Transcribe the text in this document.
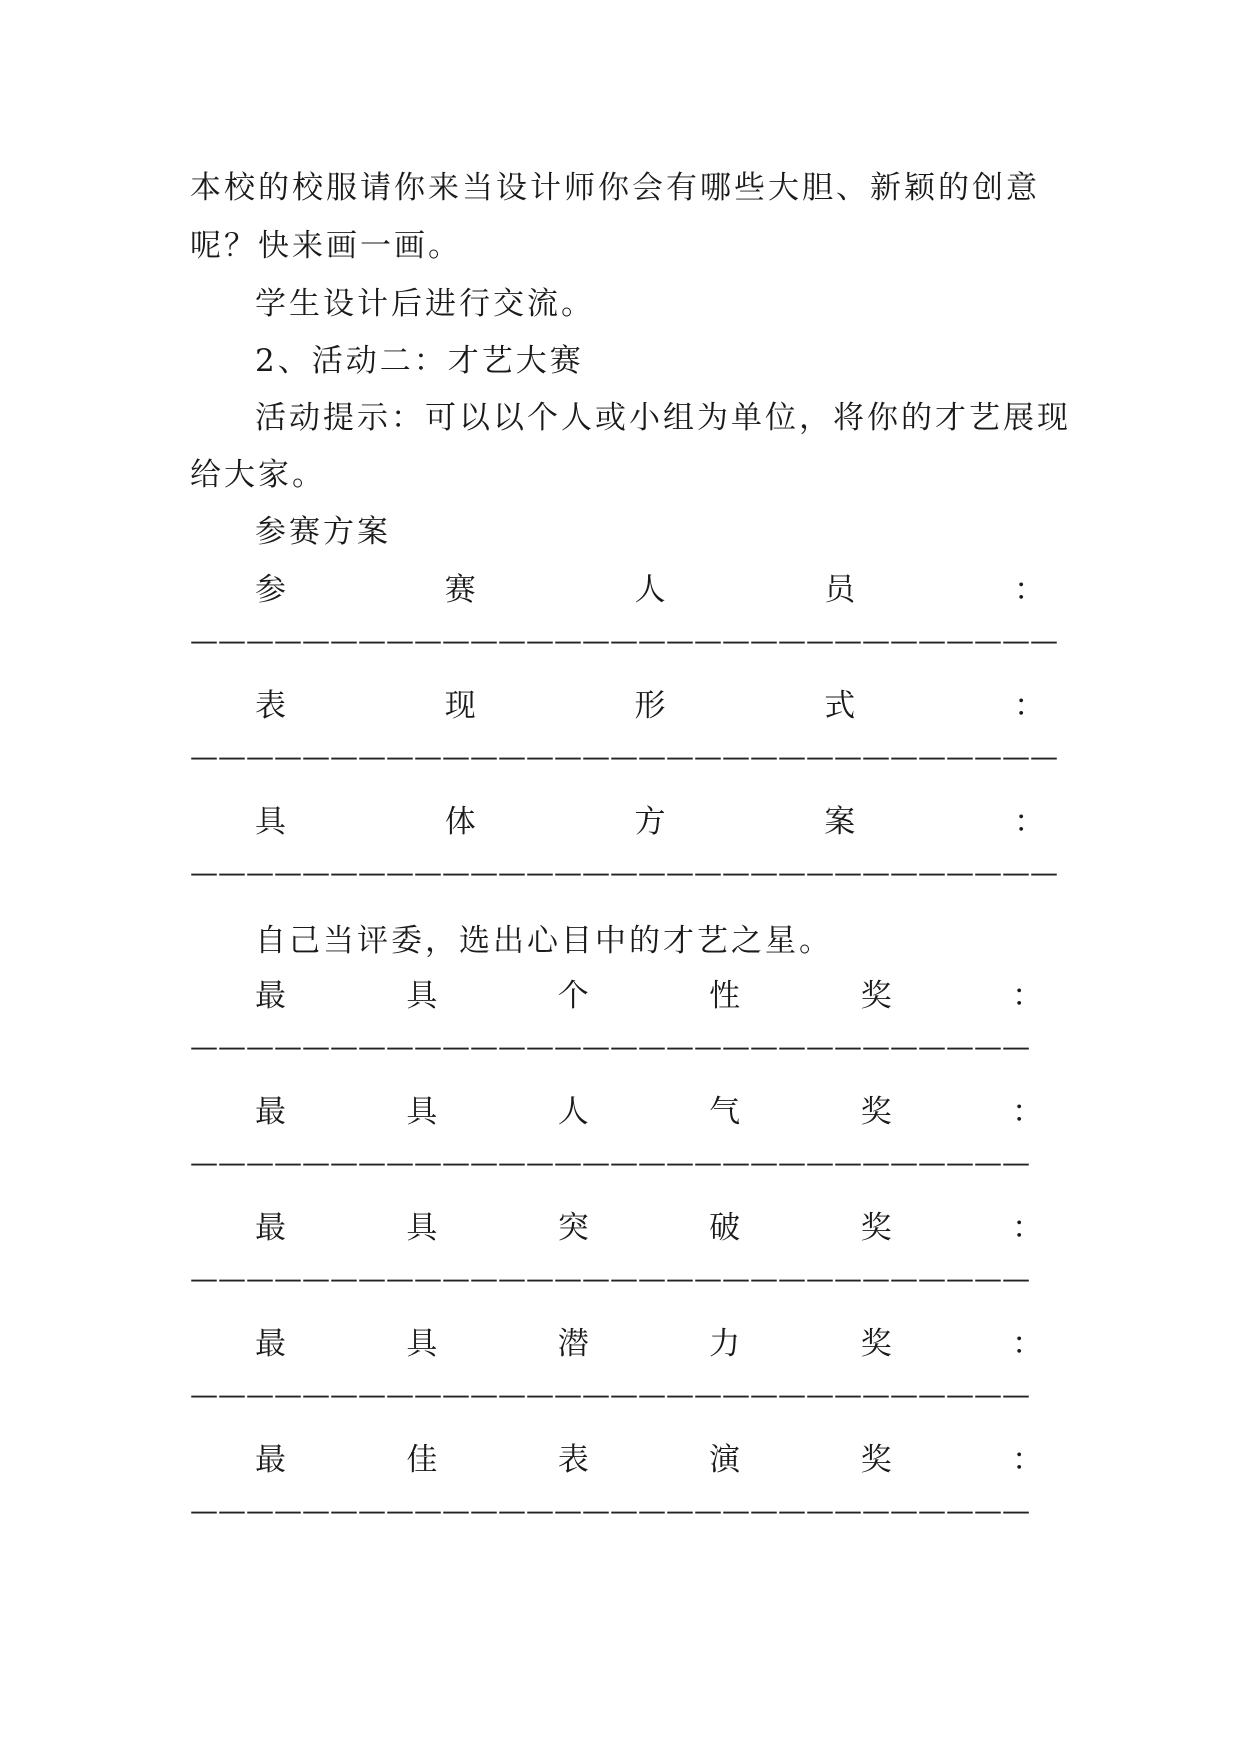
本校的校服请你来当设计师你会有哪些大胆、新颖的创意
呢？快来画一画。
学生设计后进行交流。
2、活动二：才艺大赛
活动提示：可以以个人或小组为单位，将你的才艺展现
给大家。
参赛方案
参	赛	人	员	：
———————————————————————————————
表	现	形	式	：
———————————————————————————————
具	体	方	案	：
———————————————————————————————
自己当评委，选出心目中的才艺之星。
最	具	个	性	奖	：
——————————————————————————————
最	具	人	气	奖	：
——————————————————————————————
最	具	突	破	奖	：
——————————————————————————————
最	具	潜	力	奖	：
——————————————————————————————
最	佳	表	演	奖	：
——————————————————————————————
